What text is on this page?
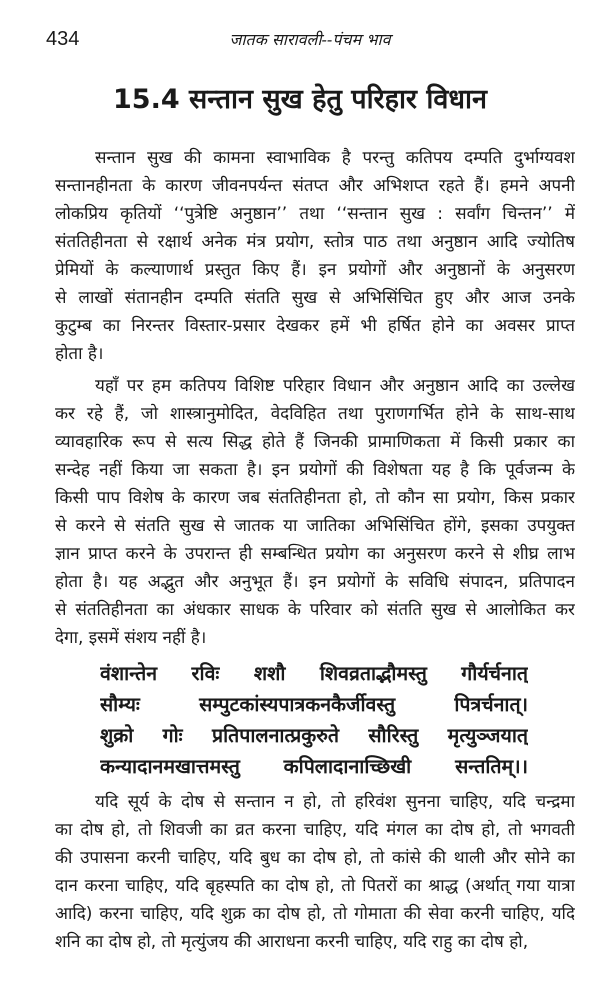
434	जातक सारावली--पंचम भाव
15.4 सन्तान सुख हेतु परिहार विधान
सन्तान सुख की कामना स्वाभाविक है परन्तु कतिपय दम्पति दुर्भाग्यवश
सन्तानहीनता के कारण जीवनपर्यन्त संतप्त और अभिशप्त रहते हैं। हमने अपनी
लोकप्रिय कृतियों ‘‘पुत्रेष्टि अनुष्ठान’’ तथा ‘‘सन्तान सुख : सर्वांग चिन्तन’’ में
संततिहीनता से रक्षार्थ अनेक मंत्र प्रयोग, स्तोत्र पाठ तथा अनुष्ठान आदि ज्योतिष
प्रेमियों के कल्याणार्थ प्रस्तुत किए हैं। इन प्रयोगों और अनुष्ठानों के अनुसरण
से लाखों संतानहीन दम्पति संतति सुख से अभिसिंचित हुए और आज उनके
कुटुम्ब का निरन्तर विस्तार-प्रसार देखकर हमें भी हर्षित होने का अवसर प्राप्त
होता है।
यहाँ पर हम कतिपय विशिष्ट परिहार विधान और अनुष्ठान आदि का उल्लेख
कर रहे हैं, जो शास्त्रानुमोदित, वेदविहित तथा पुराणगर्भित होने के साथ-साथ
व्यावहारिक रूप से सत्य सिद्ध होते हैं जिनकी प्रामाणिकता में किसी प्रकार का
सन्देह नहीं किया जा सकता है। इन प्रयोगों की विशेषता यह है कि पूर्वजन्म के
किसी पाप विशेष के कारण जब संततिहीनता हो, तो कौन सा प्रयोग, किस प्रकार
से करने से संतति सुख से जातक या जातिका अभिसिंचित होंगे, इसका उपयुक्त
ज्ञान प्राप्त करने के उपरान्त ही सम्बन्धित प्रयोग का अनुसरण करने से शीघ्र लाभ
होता है। यह अद्भुत और अनुभूत हैं। इन प्रयोगों के सविधि संपादन, प्रतिपादन
से संततिहीनता का अंधकार साधक के परिवार को संतति सुख से आलोकित कर
देगा, इसमें संशय नहीं है।
वंशान्तेन रविः शशौ शिवव्रताद्भौमस्तु गौर्यर्चनात्
सौम्यः सम्पुटकांस्यपात्रकनकैर्जीवस्तु पित्रर्चनात्।
शुक्रो गोः प्रतिपालनात्प्रकुरुते सौरिस्तु मृत्युञ्जयात्
कन्यादानमखात्तमस्तु कपिलादानाच्छिखी सन्ततिम्।।
यदि सूर्य के दोष से सन्तान न हो, तो हरिवंश सुनना चाहिए, यदि चन्द्रमा
का दोष हो, तो शिवजी का व्रत करना चाहिए, यदि मंगल का दोष हो, तो भगवती
की उपासना करनी चाहिए, यदि बुध का दोष हो, तो कांसे की थाली और सोने का
दान करना चाहिए, यदि बृहस्पति का दोष हो, तो पितरों का श्राद्ध (अर्थात् गया यात्रा
आदि) करना चाहिए, यदि शुक्र का दोष हो, तो गोमाता की सेवा करनी चाहिए, यदि
शनि का दोष हो, तो मृत्युंजय की आराधना करनी चाहिए, यदि राहु का दोष हो,
